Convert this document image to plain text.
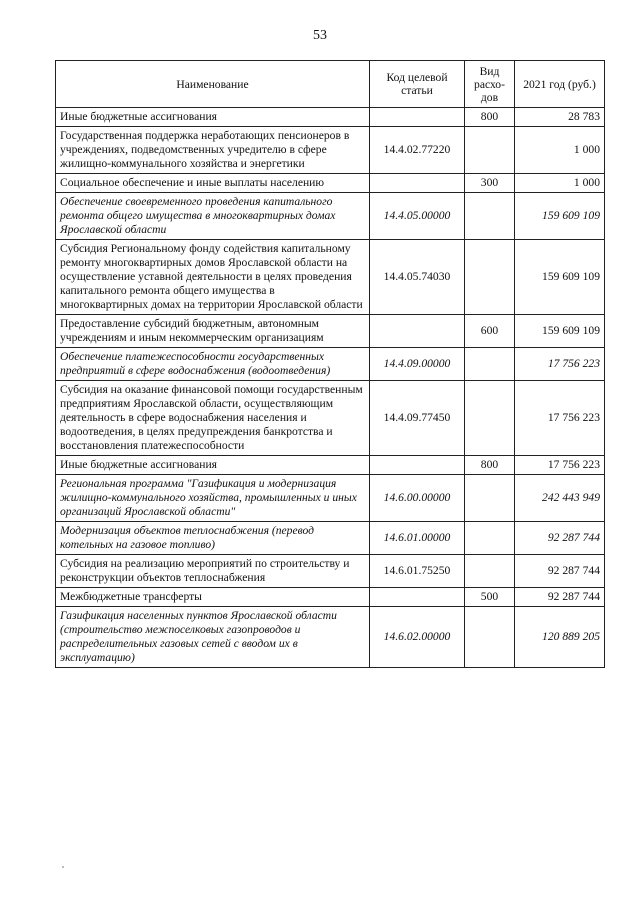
53
Наименование	Код целевой статьи	Вид расхо-дов	2021 год (руб.)
Иные бюджетные ассигнования		800	28 783
Государственная поддержка неработающих пенсионеров в учреждениях, подведомственных учредителю в сфере жилищно-коммунального хозяйства и энергетики	14.4.02.77220		1 000
Социальное обеспечение и иные выплаты населению		300	1 000
Обеспечение своевременного проведения капитального ремонта общего имущества в многоквартирных домах Ярославской области	14.4.05.00000		159 609 109
Субсидия Региональному фонду содействия капитальному ремонту многоквартирных домов Ярославской области на осуществление уставной деятельности в целях проведения капитального ремонта общего имущества в многоквартирных домах на территории Ярославской области	14.4.05.74030		159 609 109
Предоставление субсидий бюджетным, автономным учреждениям и иным некоммерческим организациям		600	159 609 109
Обеспечение платежеспособности государственных предприятий в сфере водоснабжения (водоотведения)	14.4.09.00000		17 756 223
Субсидия на оказание финансовой помощи государственным предприятиям Ярославской области, осуществляющим деятельность в сфере водоснабжения населения и водоотведения, в целях предупреждения банкротства и восстановления платежеспособности	14.4.09.77450		17 756 223
Иные бюджетные ассигнования		800	17 756 223
Региональная программа "Газификация и модернизация жилищно-коммунального хозяйства, промышленных и иных организаций Ярославской области"	14.6.00.00000		242 443 949
Модернизация объектов теплоснабжения (перевод котельных на газовое топливо)	14.6.01.00000		92 287 744
Субсидия на реализацию мероприятий по строительству и реконструкции объектов теплоснабжения	14.6.01.75250		92 287 744
Межбюджетные трансферты		500	92 287 744
Газификация населенных пунктов Ярославской области (строительство межпоселковых газопроводов и распределительных газовых сетей с вводом их в эксплуатацию)	14.6.02.00000		120 889 205
